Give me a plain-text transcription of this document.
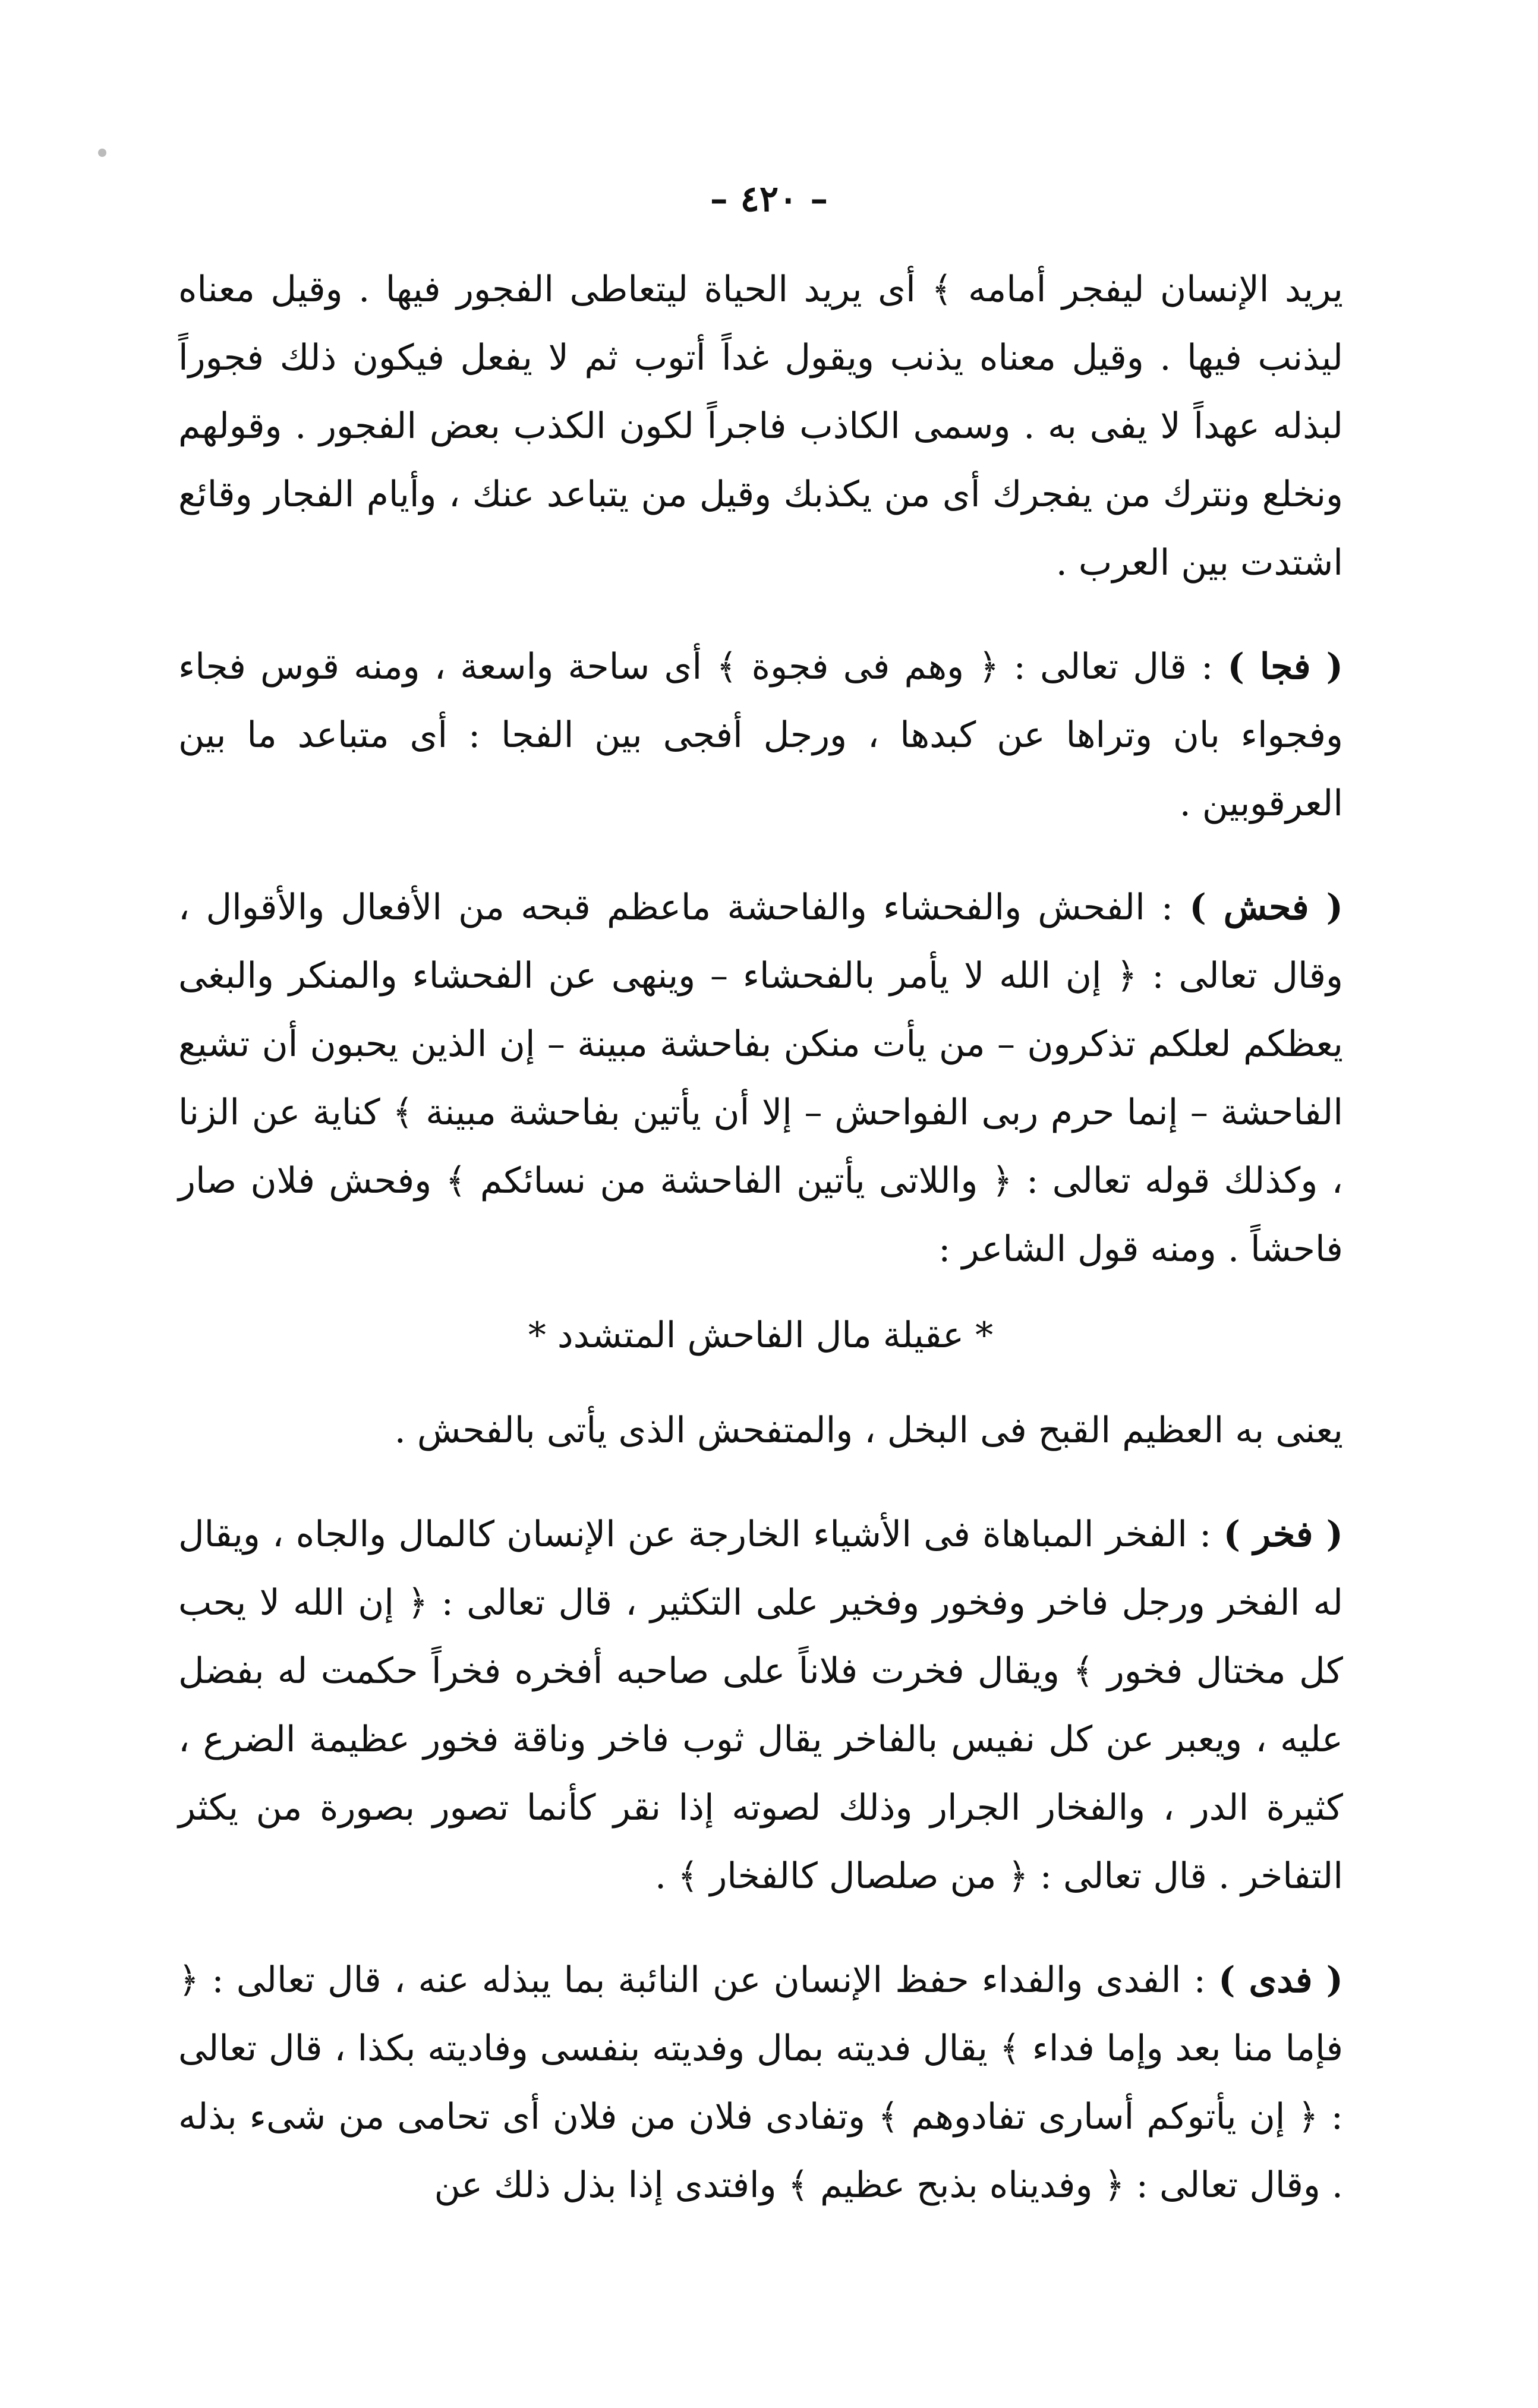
– ٤٢٠ –

يريد الإنسان ليفجر أمامه ﴾ أى يريد الحياة ليتعاطى الفجور فيها . وقيل معناه ليذنب فيها . وقيل معناه يذنب ويقول غداً أتوب ثم لا يفعل فيكون ذلك فجوراً لبذله عهداً لا يفى به . وسمى الكاذب فاجراً لكون الكذب بعض الفجور . وقولهم ونخلع ونترك من يفجرك أى من يكذبك وقيل من يتباعد عنك ، وأيام الفجار وقائع اشتدت بين العرب .

( فجا ) : قال تعالى : ﴿ وهم فى فجوة ﴾ أى ساحة واسعة ، ومنه قوس فجاء وفجواء بان وتراها عن كبدها ، ورجل أفجى بين الفجا : أى متباعد ما بين العرقوبين .

( فحش ) : الفحش والفحشاء والفاحشة ماعظم قبحه من الأفعال والأقوال ، وقال تعالى : ﴿ إن الله لا يأمر بالفحشاء – وينهى عن الفحشاء والمنكر والبغى يعظكم لعلكم تذكرون – من يأت منكن بفاحشة مبينة – إن الذين يحبون أن تشيع الفاحشة – إنما حرم ربى الفواحش – إلا أن يأتين بفاحشة مبينة ﴾ كناية عن الزنا ، وكذلك قوله تعالى : ﴿ واللاتى يأتين الفاحشة من نسائكم ﴾ وفحش فلان صار فاحشاً . ومنه قول الشاعر :

* عقيلة مال الفاحش المتشدد *

يعنى به العظيم القبح فى البخل ، والمتفحش الذى يأتى بالفحش .

( فخر ) : الفخر المباهاة فى الأشياء الخارجة عن الإنسان كالمال والجاه ، ويقال له الفخر ورجل فاخر وفخور وفخير على التكثير ، قال تعالى : ﴿ إن الله لا يحب كل مختال فخور ﴾ ويقال فخرت فلاناً على صاحبه أفخره فخراً حكمت له بفضل عليه ، ويعبر عن كل نفيس بالفاخر يقال ثوب فاخر وناقة فخور عظيمة الضرع ، كثيرة الدر ، والفخار الجرار وذلك لصوته إذا نقر كأنما تصور بصورة من يكثر التفاخر . قال تعالى : ﴿ من صلصال كالفخار ﴾ .

( فدى ) : الفدى والفداء حفظ الإنسان عن النائبة بما يبذله عنه ، قال تعالى : ﴿ فإما منا بعد وإما فداء ﴾ يقال فديته بمال وفديته بنفسى وفاديته بكذا ، قال تعالى : ﴿ إن يأتوكم أسارى تفادوهم ﴾ وتفادى فلان من فلان أى تحامى من شىء بذله . وقال تعالى : ﴿ وفديناه بذبح عظيم ﴾ وافتدى إذا بذل ذلك عن
